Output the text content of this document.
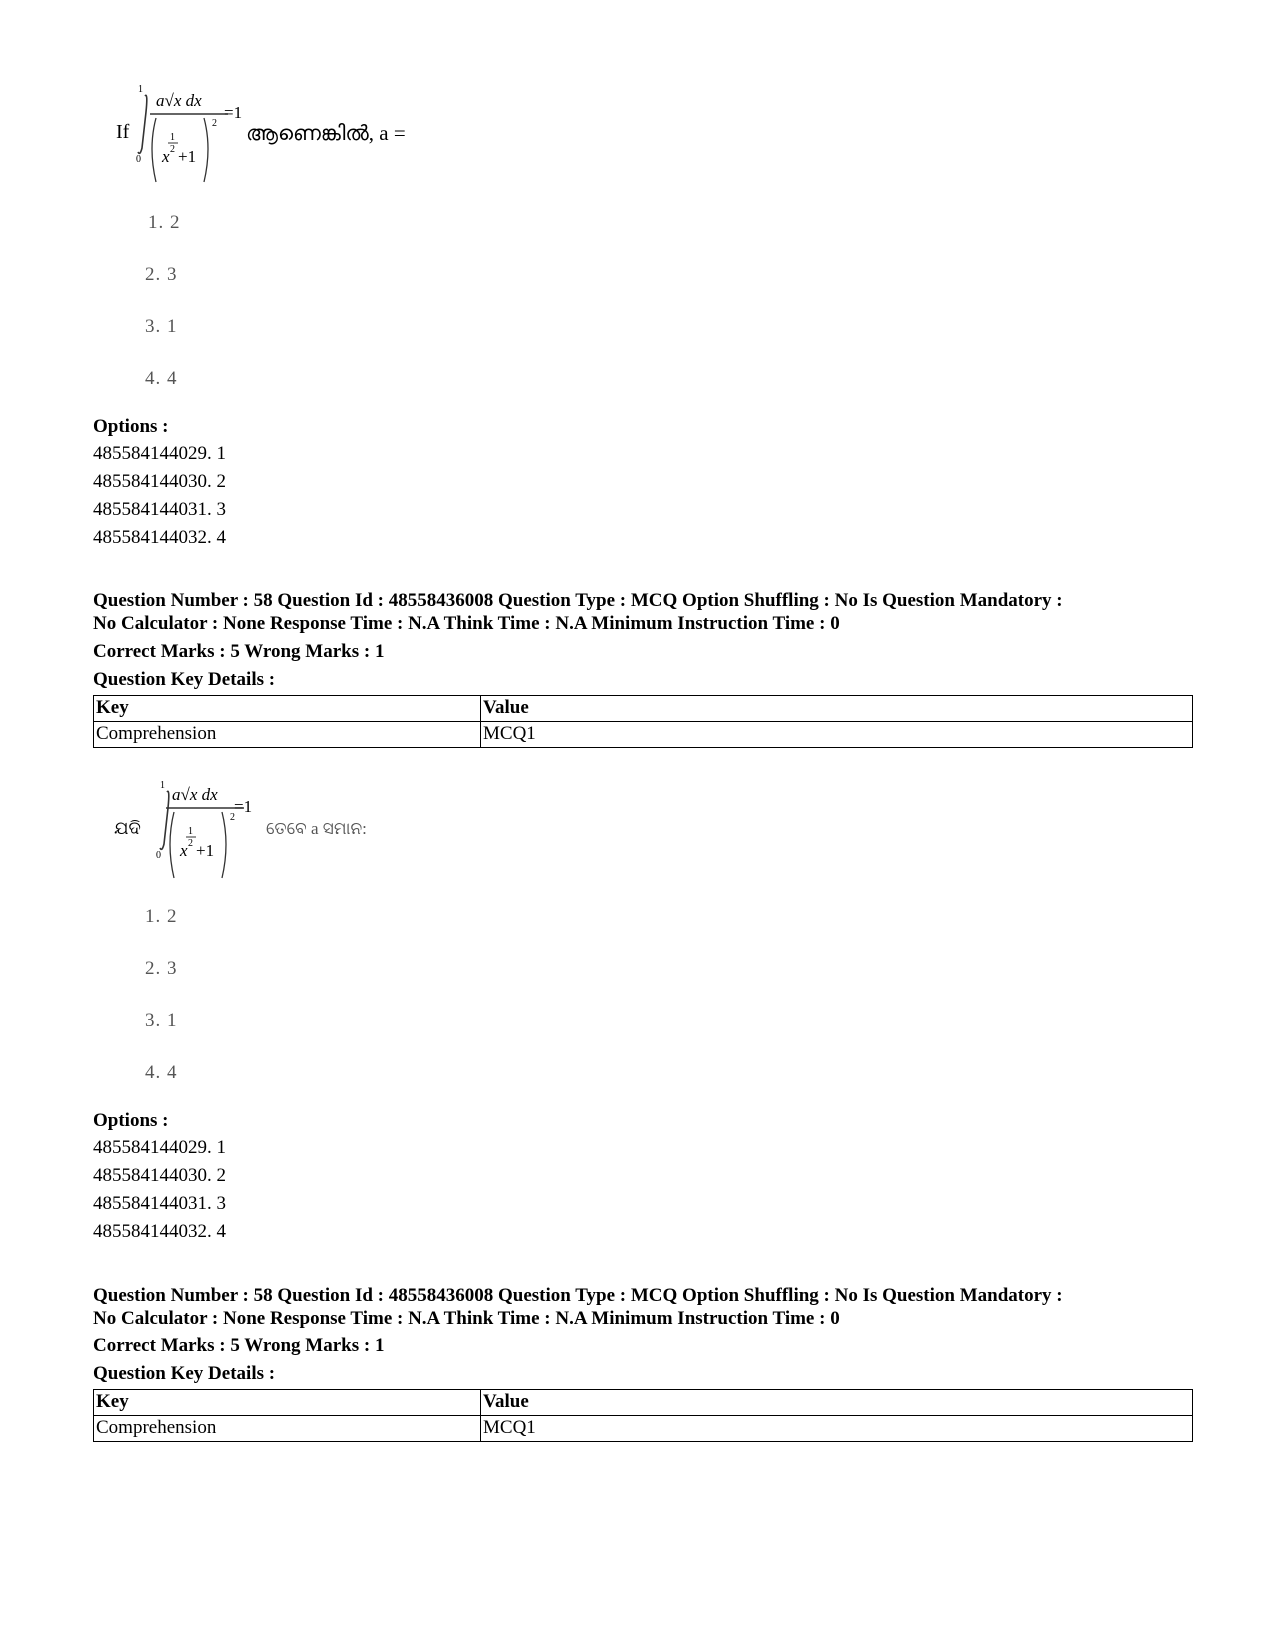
If
1
0
a√x dx
1
2
x +1
2
=1
ആണെങ്കിൽ, a =
1. 2
2. 3
3. 1
4. 4
Options :
485584144029. 1
485584144030. 2
485584144031. 3
485584144032. 4
Question Number : 58 Question Id : 48558436008 Question Type : MCQ Option Shuffling : No Is Question Mandatory :
No Calculator : None Response Time : N.A Think Time : N.A Minimum Instruction Time : 0
Correct Marks : 5 Wrong Marks : 1
Question Key Details :
Key	Value
Comprehension	MCQ1
ଯଦି
1
0
a√x dx
1
2
x +1
2
=1
ତେବେ a ସମାନ:
1. 2
2. 3
3. 1
4. 4
Options :
485584144029. 1
485584144030. 2
485584144031. 3
485584144032. 4
Question Number : 58 Question Id : 48558436008 Question Type : MCQ Option Shuffling : No Is Question Mandatory :
No Calculator : None Response Time : N.A Think Time : N.A Minimum Instruction Time : 0
Correct Marks : 5 Wrong Marks : 1
Question Key Details :
Key	Value
Comprehension	MCQ1
